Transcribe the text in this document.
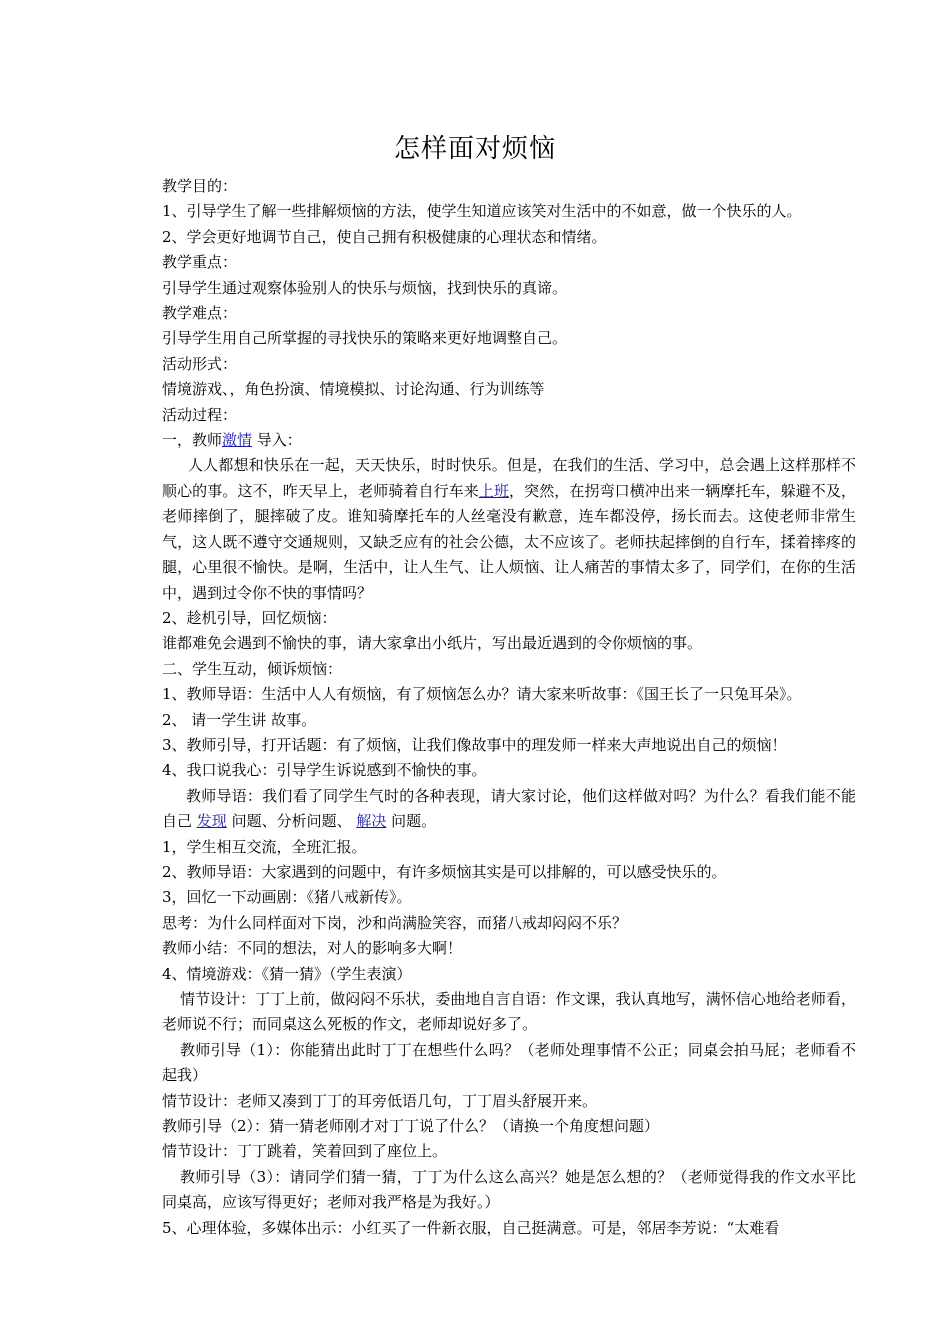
怎样面对烦恼

教学目的：

1、引导学生了解一些排解烦恼的方法，使学生知道应该笑对生活中的不如意，做一个快乐的人。

2、学会更好地调节自己，使自己拥有积极健康的心理状态和情绪。

教学重点：

引导学生通过观察体验别人的快乐与烦恼，找到快乐的真谛。

教学难点：

引导学生用自己所掌握的寻找快乐的策略来更好地调整自己。

活动形式：

情境游戏、，角色扮演、情境模拟、讨论沟通、行为训练等

活动过程：

一，教师激情 导入：

人人都想和快乐在一起，天天快乐，时时快乐。但是，在我们的生活、学习中，总会遇上这样那样不顺心的事。这不，昨天早上，老师骑着自行车来上班，突然，在拐弯口横冲出来一辆摩托车，躲避不及，老师摔倒了，腿摔破了皮。谁知骑摩托车的人丝毫没有歉意，连车都没停，扬长而去。这使老师非常生气，这人既不遵守交通规则，又缺乏应有的社会公德，太不应该了。老师扶起摔倒的自行车，揉着摔疼的腿，心里很不愉快。是啊，生活中，让人生气、让人烦恼、让人痛苦的事情太多了，同学们，在你的生活中，遇到过令你不快的事情吗？

2、趁机引导，回忆烦恼：

谁都难免会遇到不愉快的事，请大家拿出小纸片，写出最近遇到的令你烦恼的事。

二、学生互动，倾诉烦恼：

1、教师导语：生活中人人有烦恼，有了烦恼怎么办？请大家来听故事：《国王长了一只兔耳朵》。

2、 请一学生讲 故事。

3、教师引导，打开话题：有了烦恼，让我们像故事中的理发师一样来大声地说出自己的烦恼！

4、我口说我心：引导学生诉说感到不愉快的事。

教师导语：我们看了同学生气时的各种表现，请大家讨论，他们这样做对吗？为什么？看我们能不能自己 发现 问题、分析问题、 解决 问题。

1，学生相互交流，全班汇报。

2、教师导语：大家遇到的问题中，有许多烦恼其实是可以排解的，可以感受快乐的。

3，回忆一下动画剧：《猪八戒新传》。

思考：为什么同样面对下岗，沙和尚满脸笑容，而猪八戒却闷闷不乐？

教师小结：不同的想法，对人的影响多大啊！

4、情境游戏：《猜一猜》（学生表演）

情节设计：丁丁上前，做闷闷不乐状，委曲地自言自语：作文课，我认真地写，满怀信心地给老师看，老师说不行；而同桌这么死板的作文，老师却说好多了。

教师引导（1）：你能猜出此时丁丁在想些什么吗？（老师处理事情不公正；同桌会拍马屁；老师看不起我）

情节设计：老师又凑到丁丁的耳旁低语几句，丁丁眉头舒展开来。

教师引导（2）：猜一猜老师刚才对丁丁说了什么？（请换一个角度想问题）

情节设计：丁丁跳着，笑着回到了座位上。

教师引导（3）：请同学们猜一猜，丁丁为什么这么高兴？她是怎么想的？（老师觉得我的作文水平比同桌高，应该写得更好；老师对我严格是为我好。）

5、心理体验，多媒体出示：小红买了一件新衣服，自己挺满意。可是，邻居李芳说：“太难看
